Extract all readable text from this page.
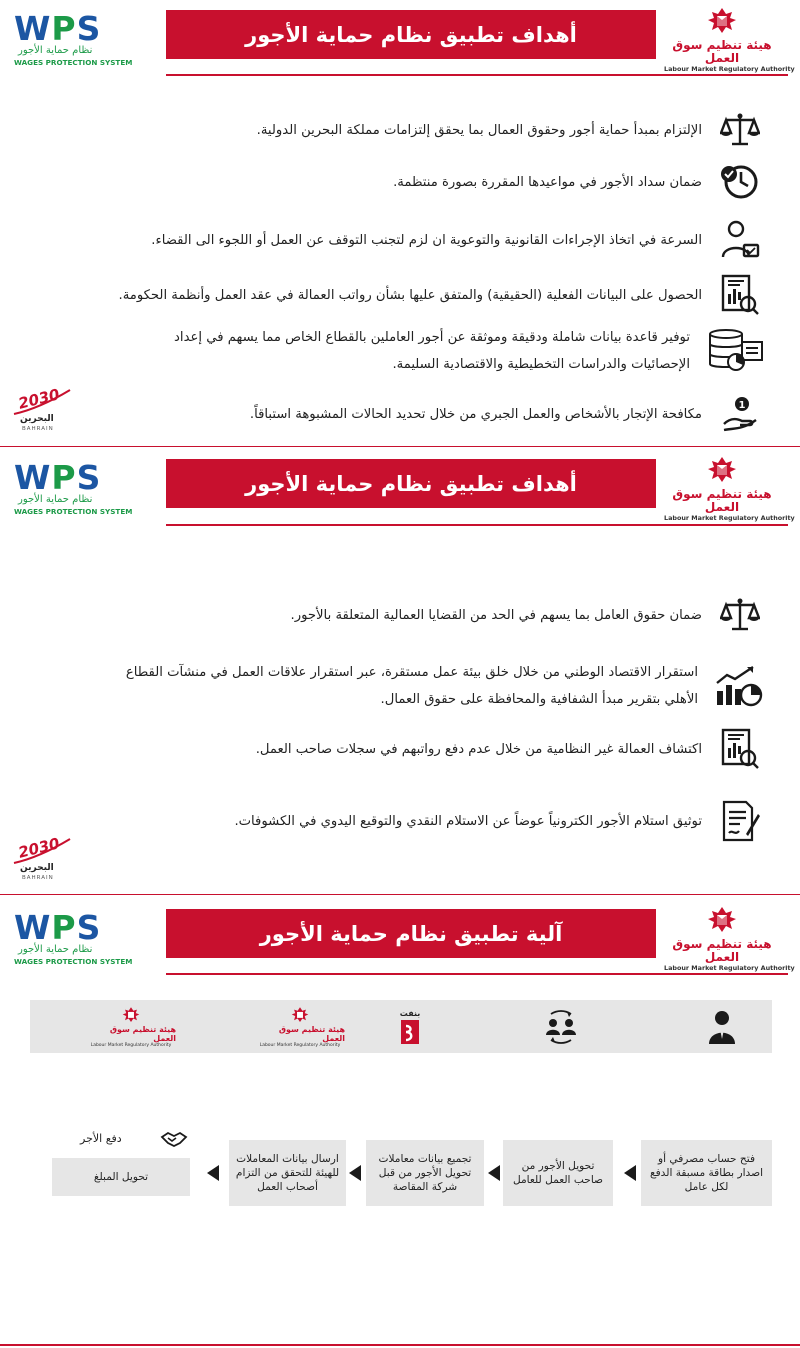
WPS
نظام حماية الأجور
WAGES PROTECTION SYSTEM
أهداف تطبيق نظام حماية الأجور	هيئة تنظيم سوق العمل
Labour Market Regulatory Authority
الإلتزام بمبدأ حماية أجور وحقوق العمال بما يحقق إلتزامات مملكة البحرين الدولية.
ضمان سداد الأجور في مواعيدها المقررة بصورة منتظمة.
السرعة في اتخاذ الإجراءات القانونية والتوعوية ان لزم لتجنب التوقف عن العمل أو اللجوء الى القضاء.
الحصول على البيانات الفعلية (الحقيقية) والمتفق عليها بشأن رواتب العمالة في عقد العمل وأنظمة الحكومة.
توفير قاعدة بيانات شاملة ودقيقة وموثقة عن أجور العاملين بالقطاع الخاص مما يسهم في إعداد
الإحصائيات والدراسات التخطيطية والاقتصادية السليمة.
1
مكافحة الإتجار بالأشخاص والعمل الجبري من خلال تحديد الحالات المشبوهة استباقاً.
2030
البحرين
BAHRAIN
WPS
نظام حماية الأجور
WAGES PROTECTION SYSTEM
أهداف تطبيق نظام حماية الأجور	هيئة تنظيم سوق العمل
Labour Market Regulatory Authority
ضمان حقوق العامل بما يسهم في الحد من القضايا العمالية المتعلقة بالأجور.
استقرار الاقتصاد الوطني من خلال خلق بيئة عمل مستقرة، عبر استقرار علاقات العمل في منشآت القطاع
الأهلي بتقرير مبدأ الشفافية والمحافظة على حقوق العمال.
اكتشاف العمالة غير النظامية من خلال عدم دفع رواتبهم في سجلات صاحب العمل.
توثيق استلام الأجور الكترونياً عوضاً عن الاستلام النقدي والتوقيع اليدوي في الكشوفات.
2030
البحرين
BAHRAIN
WPS
نظام حماية الأجور
WAGES PROTECTION SYSTEM
آلية تطبيق نظام حماية الأجور	هيئة تنظيم سوق العمل
Labour Market Regulatory Authority
هيئة تنظيم سوق العمل
Labour Market Regulatory Authority
هيئة تنظيم سوق العمل
Labour Market Regulatory Authority
بنفت
دفع الأجر
فتح حساب مصرفي أو اصدار بطاقة مسبقة الدفع لكل عامل
تحويل الأجور من صاحب العمل للعامل
تجميع بيانات معاملات تحويل الأجور من قبل شركة المقاصة
ارسال بيانات المعاملات للهيئة للتحقق من التزام أصحاب العمل
تحويل المبلغ
